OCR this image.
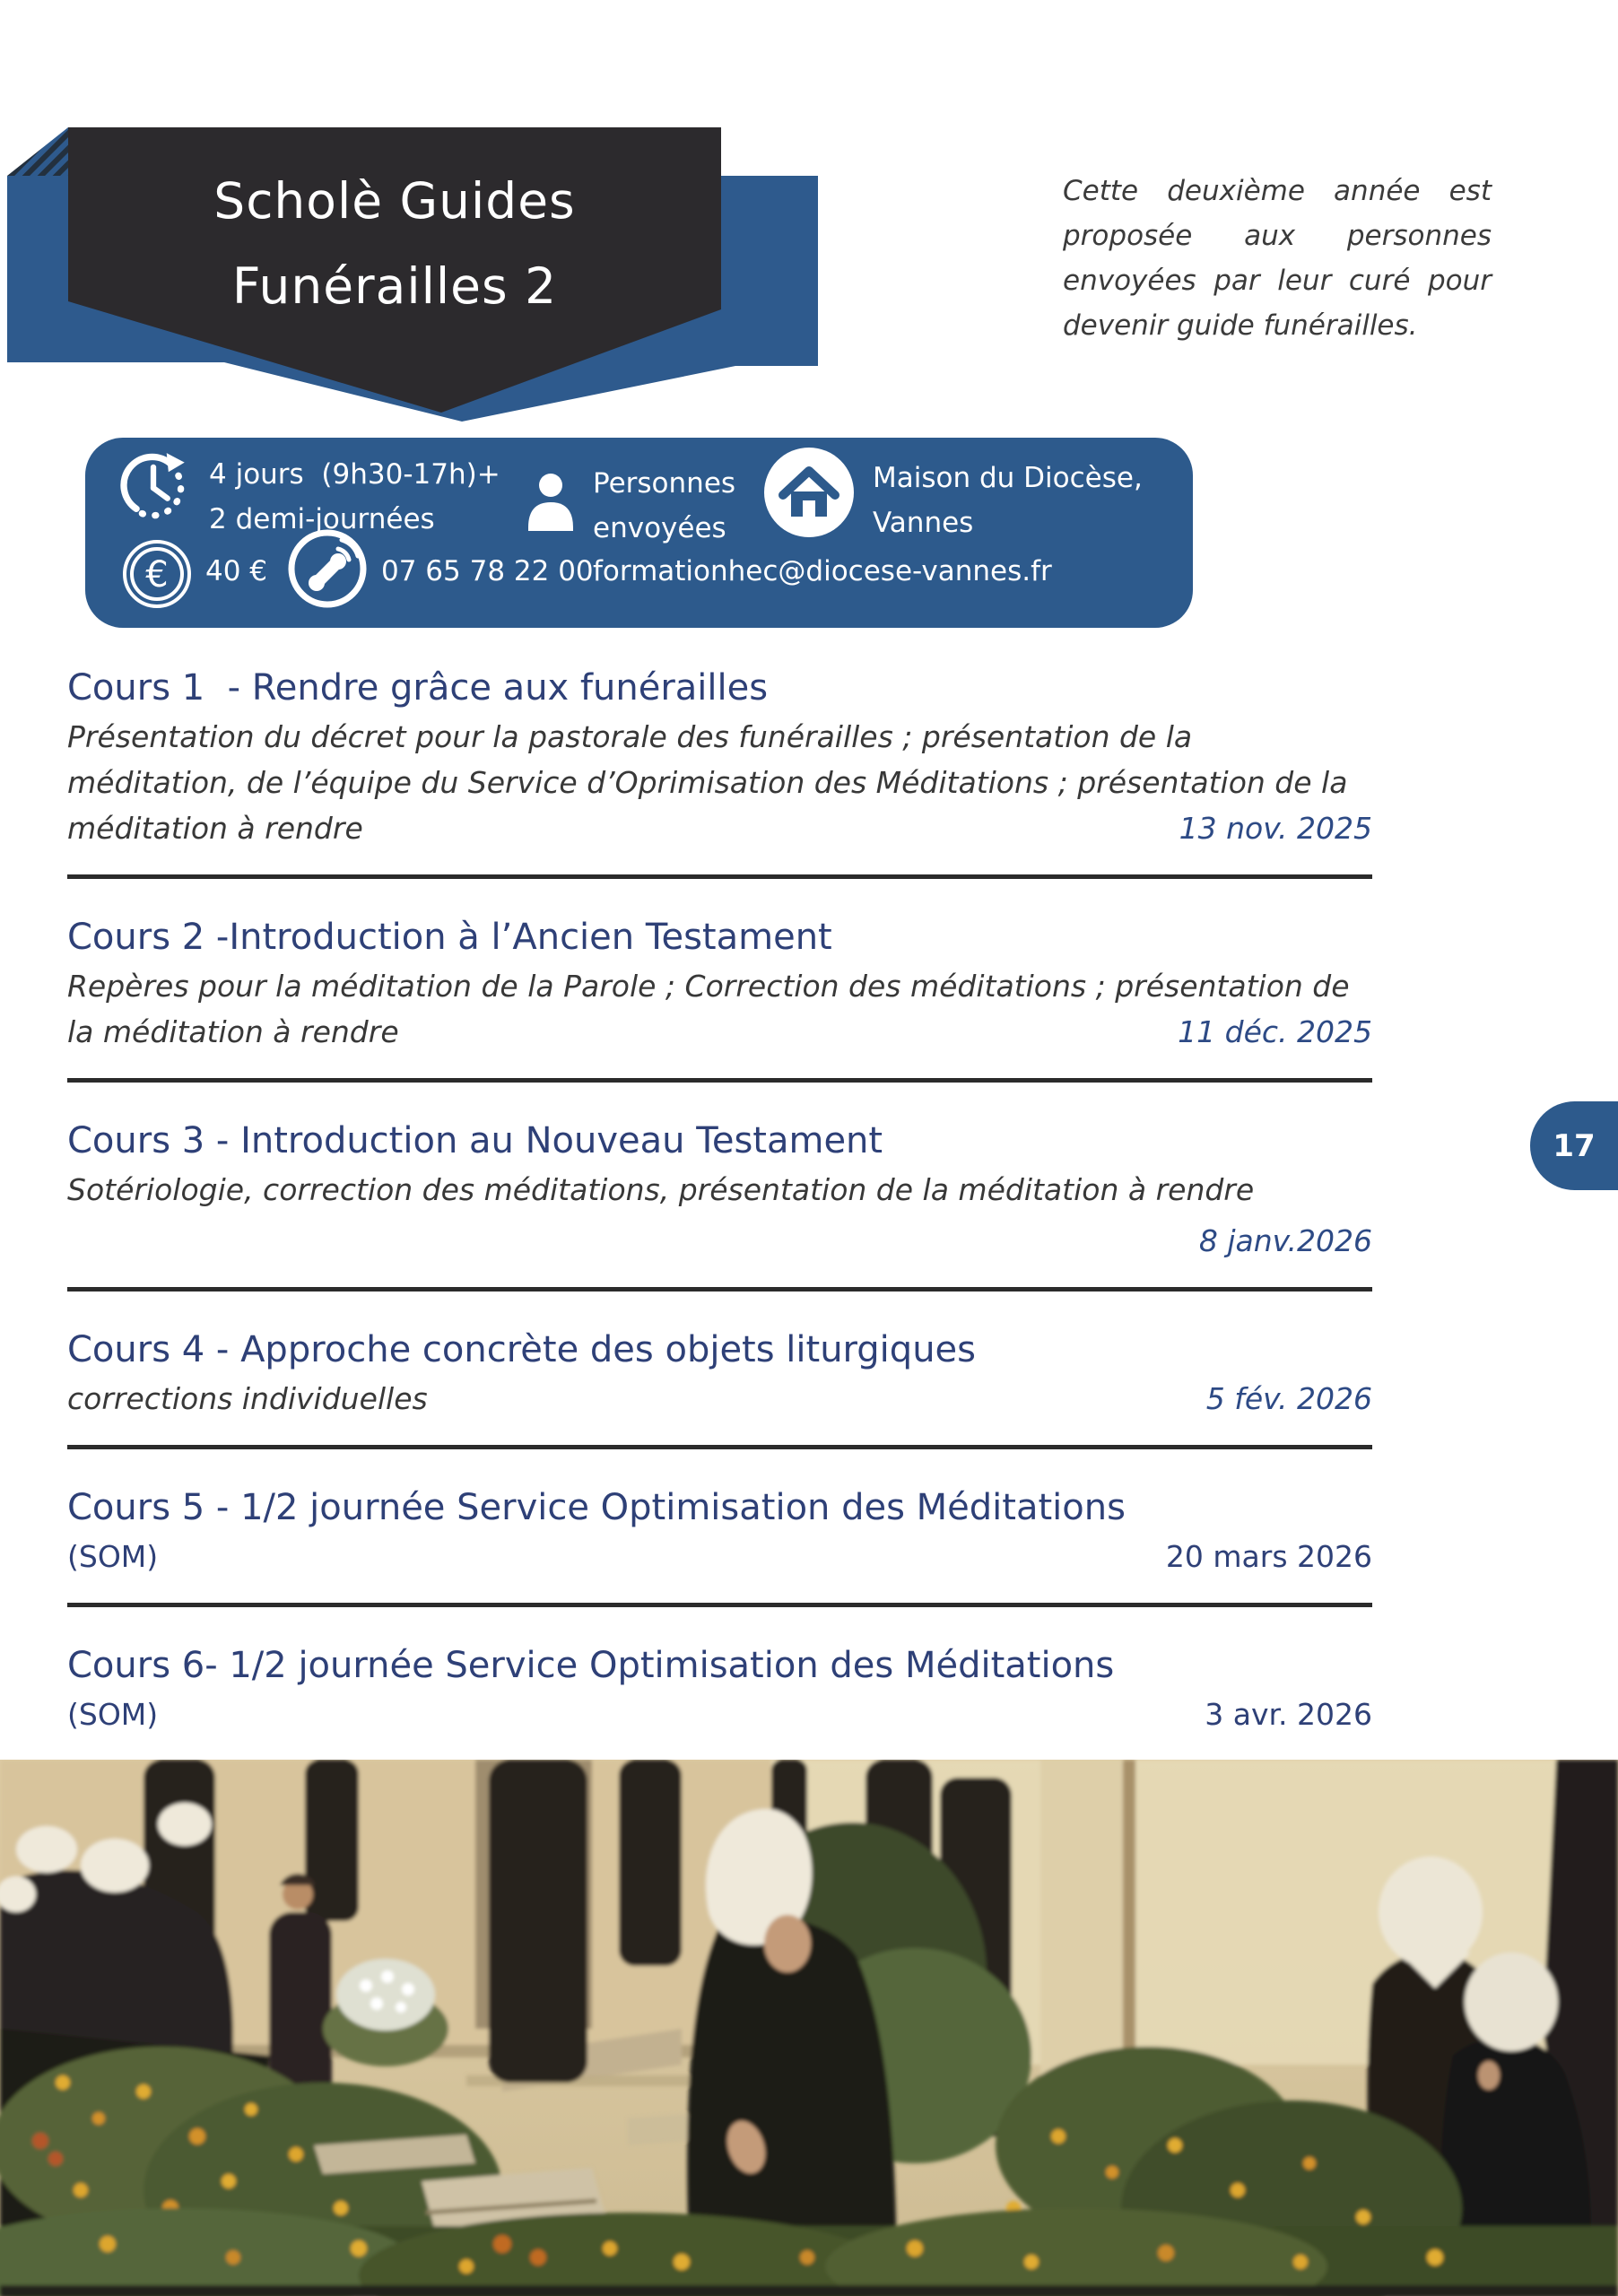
Scholè Guides
Funérailles 2
Cette deuxième année est proposée aux personnes envoyées par leur curé pour devenir guide funérailles.
4 jours  (9h30-17h)+
2 demi-journées
Personnes
envoyées
Maison du Diocèse,
Vannes
€ 40 €	07 65 78 22 00 formationhec@diocese-vannes.fr
Cours 1  - Rendre grâce aux funérailles
Présentation du décret pour la pastorale des funérailles ; présentation de la
méditation, de l’équipe du Service d’Oprimisation des Méditations ; présentation de la
méditation à rendre	13 nov. 2025
Cours 2 -Introduction à l’Ancien Testament
Repères pour la méditation de la Parole ; Correction des méditations ; présentation de
la méditation à rendre	11 déc. 2025
Cours 3 - Introduction au Nouveau Testament
Sotériologie, correction des méditations, présentation de la méditation à rendre
8 janv.2026
Cours 4 - Approche concrète des objets liturgiques
corrections individuelles	5 fév. 2026
Cours 5 - 1/2 journée Service Optimisation des Méditations
(SOM)	20 mars 2026
Cours 6- 1/2 journée Service Optimisation des Méditations
(SOM)	3 avr. 2026
17
